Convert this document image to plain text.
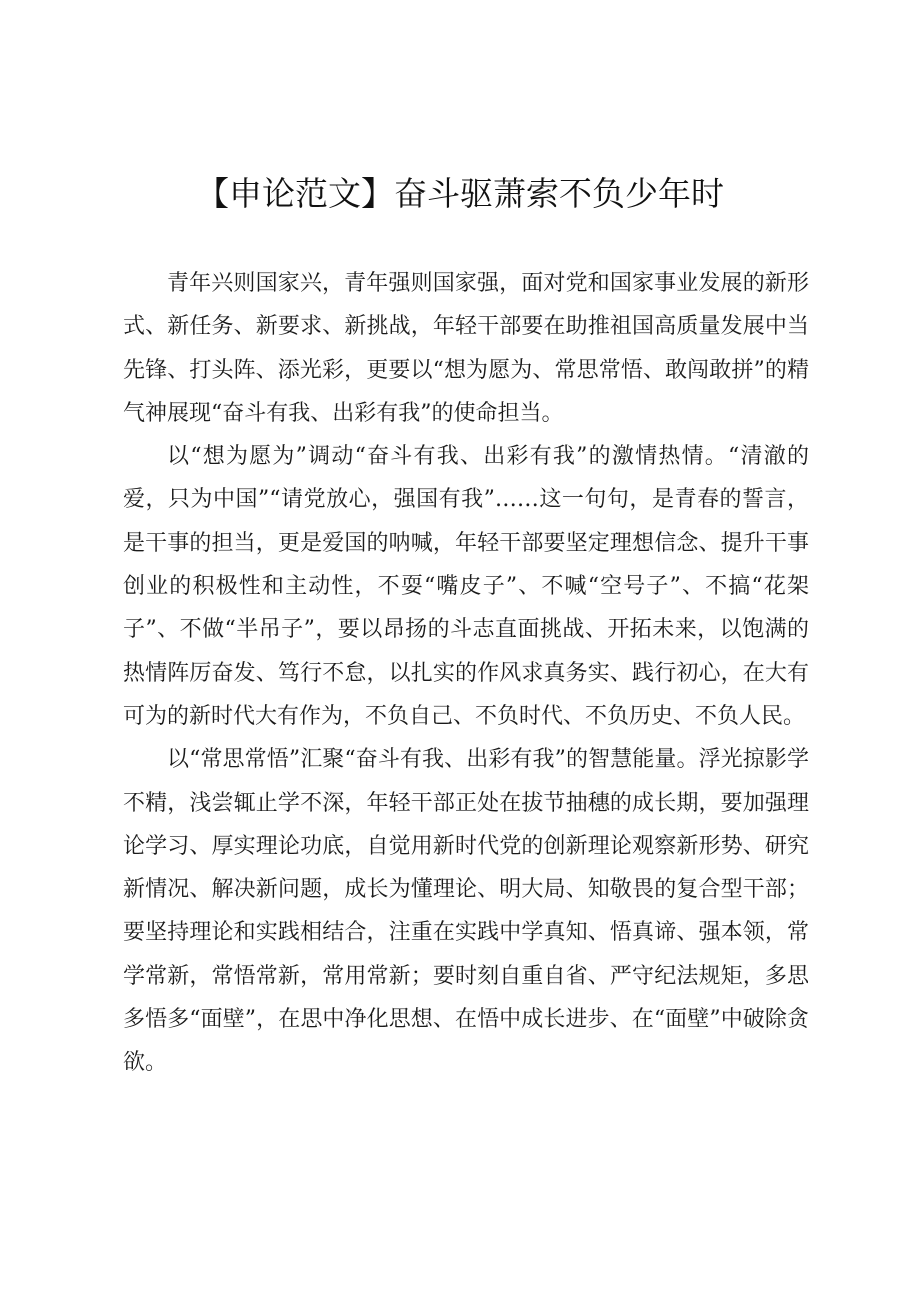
【申论范文】奋斗驱萧索不负少年时

青年兴则国家兴，青年强则国家强，面对党和国家事业发展的新形式、新任务、新要求、新挑战，年轻干部要在助推祖国高质量发展中当先锋、打头阵、添光彩，更要以“想为愿为、常思常悟、敢闯敢拼”的精气神展现“奋斗有我、出彩有我”的使命担当。

以“想为愿为”调动“奋斗有我、出彩有我”的激情热情。“清澈的爱，只为中国”“请党放心，强国有我”……这一句句，是青春的誓言，是干事的担当，更是爱国的呐喊，年轻干部要坚定理想信念、提升干事创业的积极性和主动性，不耍“嘴皮子”、不喊“空号子”、不搞“花架子”、不做“半吊子”，要以昂扬的斗志直面挑战、开拓未来，以饱满的热情阵厉奋发、笃行不怠，以扎实的作风求真务实、践行初心，在大有可为的新时代大有作为，不负自己、不负时代、不负历史、不负人民。

以“常思常悟”汇聚“奋斗有我、出彩有我”的智慧能量。浮光掠影学不精，浅尝辄止学不深，年轻干部正处在拔节抽穗的成长期，要加强理论学习、厚实理论功底，自觉用新时代党的创新理论观察新形势、研究新情况、解决新问题，成长为懂理论、明大局、知敬畏的复合型干部；要坚持理论和实践相结合，注重在实践中学真知、悟真谛、强本领，常学常新，常悟常新，常用常新；要时刻自重自省、严守纪法规矩，多思多悟多“面壁”，在思中净化思想、在悟中成长进步、在“面壁”中破除贪欲。
